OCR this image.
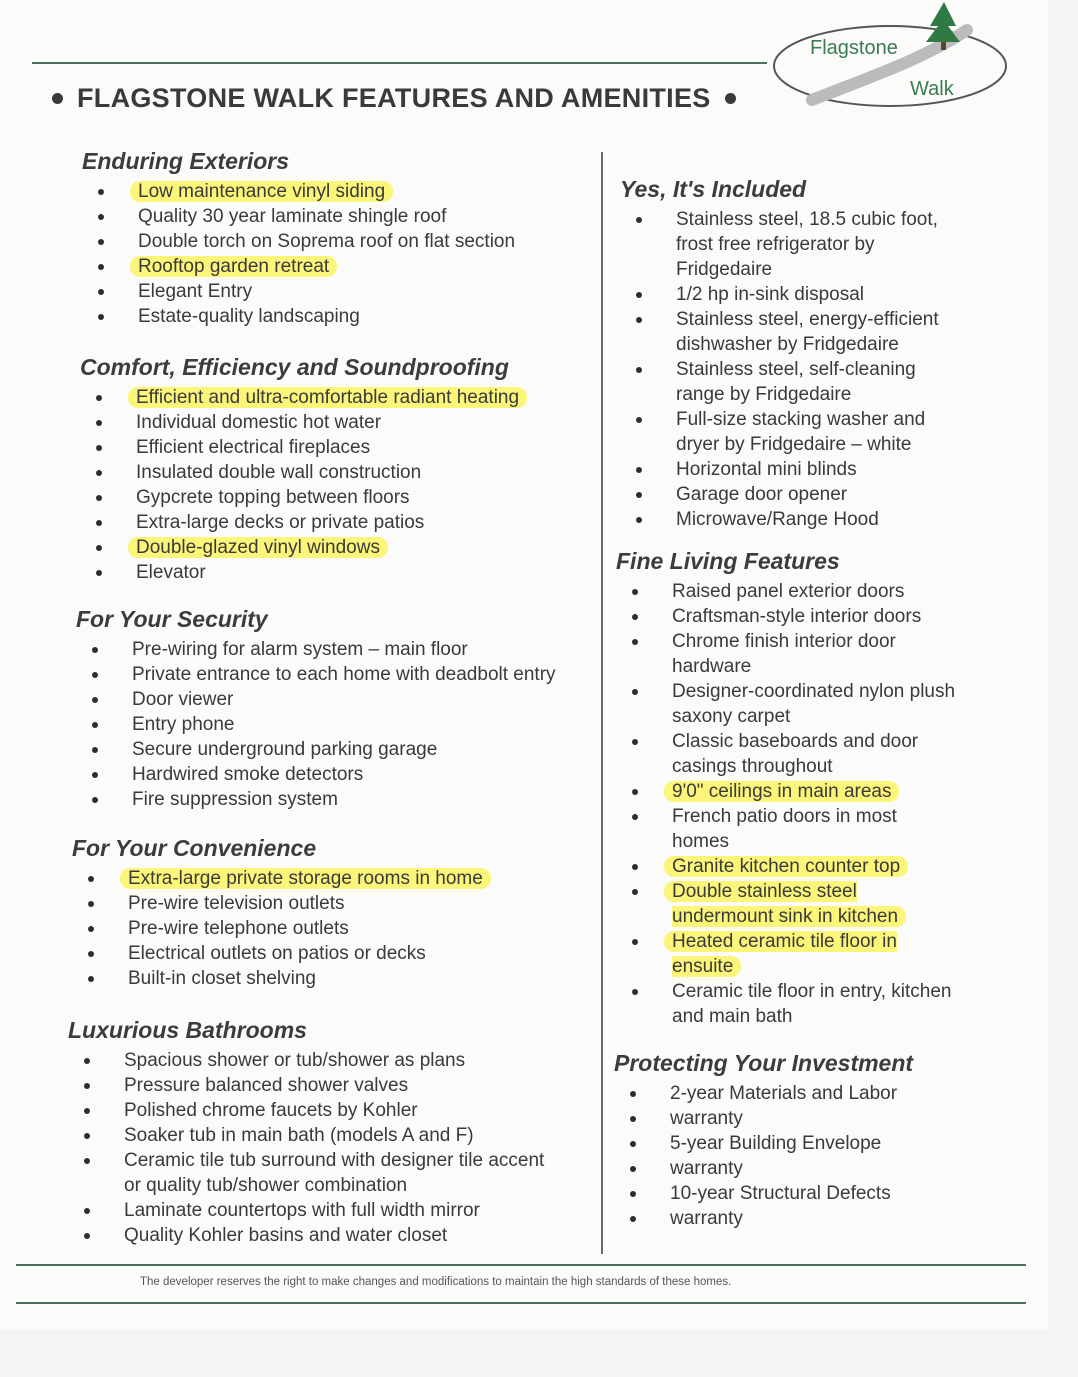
FLAGSTONE WALK FEATURES AND AMENITIES
Flagstone
Walk
Enduring Exteriors
Low maintenance vinyl siding
Quality 30 year laminate shingle roof
Double torch on Soprema roof on flat section
Rooftop garden retreat
Elegant Entry
Estate-quality landscaping
Comfort, Efficiency and Soundproofing
Efficient and ultra-comfortable radiant heating
Individual domestic hot water
Efficient electrical fireplaces
Insulated double wall construction
Gypcrete topping between floors
Extra-large decks or private patios
Double-glazed vinyl windows
Elevator
For Your Security
Pre-wiring for alarm system – main floor
Private entrance to each home with deadbolt entry
Door viewer
Entry phone
Secure underground parking garage
Hardwired smoke detectors
Fire suppression system
For Your Convenience
Extra-large private storage rooms in home
Pre-wire television outlets
Pre-wire telephone outlets
Electrical outlets on patios or decks
Built-in closet shelving
Luxurious Bathrooms
Spacious shower or tub/shower as plans
Pressure balanced shower valves
Polished chrome faucets by Kohler
Soaker tub in main bath (models A and F)
Ceramic tile tub surround with designer tile accent
or quality tub/shower combination
Laminate countertops with full width mirror
Quality Kohler basins and water closet
Yes, It's Included
Stainless steel, 18.5 cubic foot,
frost free refrigerator by
Fridgedaire
1/2 hp in-sink disposal
Stainless steel, energy-efficient
dishwasher by Fridgedaire
Stainless steel, self-cleaning
range by Fridgedaire
Full-size stacking washer and
dryer by Fridgedaire – white
Horizontal mini blinds
Garage door opener
Microwave/Range Hood
Fine Living Features
Raised panel exterior doors
Craftsman-style interior doors
Chrome finish interior door
hardware
Designer-coordinated nylon plush
saxony carpet
Classic baseboards and door
casings throughout
9'0" ceilings in main areas
French patio doors in most
homes
Granite kitchen counter top
Double stainless steel
undermount sink in kitchen
Heated ceramic tile floor in
ensuite
Ceramic tile floor in entry, kitchen
and main bath
Protecting Your Investment
2-year Materials and Labor
warranty
5-year Building Envelope
warranty
10-year Structural Defects
warranty
The developer reserves the right to make changes and modifications to maintain the high standards of these homes.
